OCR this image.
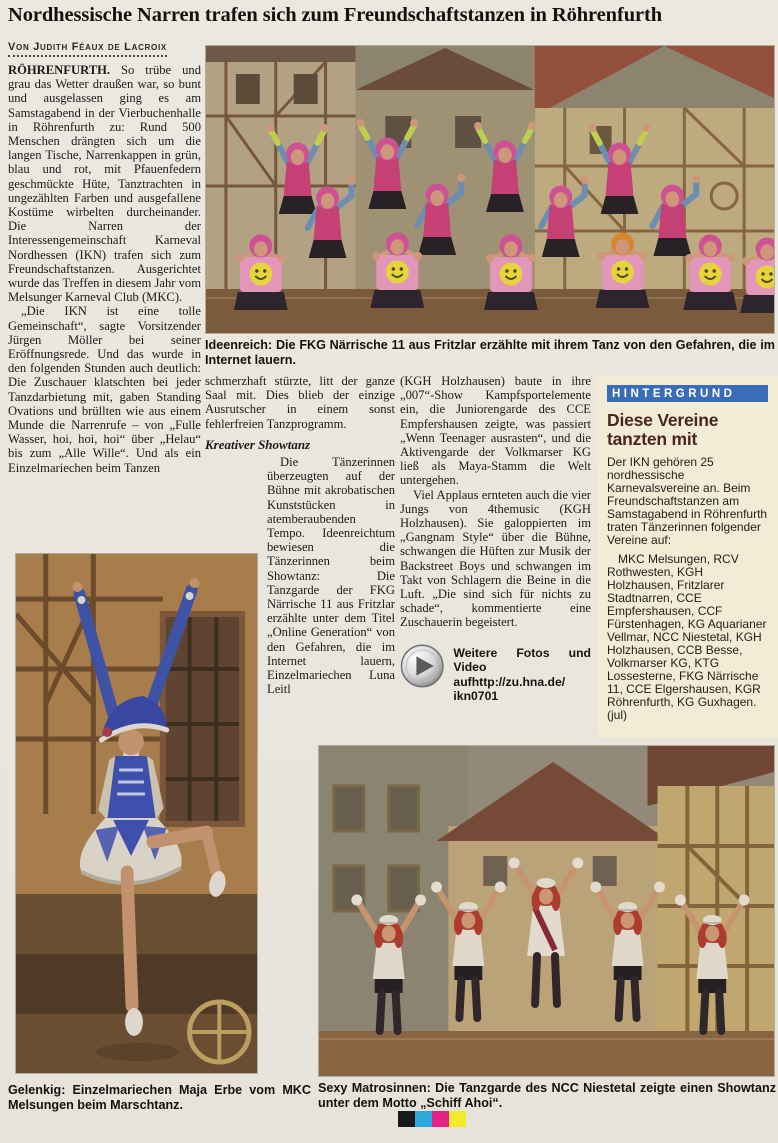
Nordhessische Narren trafen sich zum Freundschaftstanzen in Röhrenfurth
Von Judith Féaux de Lacroix

Ideenreich: Die FKG Närrische 11 aus Fritzlar erzählte mit ihrem Tanz von den Gefahren, die im Internet lauern.

RÖHRENFURTH. So trübe und grau das Wetter draußen war, so bunt und ausgelassen ging es am Samstagabend in der Vierbuchenhalle in Röhrenfurth zu: Rund 500 Menschen drängten sich um die langen Tische, Narrenkappen in grün, blau und rot, mit Pfauenfedern geschmückte Hüte, Tanztrachten in ungezählten Farben und ausgefallene Kostüme wirbelten durcheinander. Die Narren der Interessengemeinschaft Karneval Nordhessen (IKN) trafen sich zum Freundschaftstanzen. Ausgerichtet wurde das Treffen in diesem Jahr vom Melsunger Karneval Club (MKC).

„Die IKN ist eine tolle Gemeinschaft“, sagte Vorsitzender Jürgen Möller bei seiner Eröffnungsrede. Und das wurde in den folgenden Stunden auch deutlich: Die Zuschauer klatschten bei jeder Tanzdarbietung mit, gaben Standing Ovations und brüllten wie aus einem Munde die Narrenrufe – von „Fulle Wasser, hoi, hoi, hoi“ über „Helau“ bis zum „Alle Wille“. Und als ein Einzelmariechen beim Tanzen

schmerzhaft stürzte, litt der ganze Saal mit. Dies blieb der einzige Ausrutscher in einem sonst fehlerfreien Tanzprogramm.

Kreativer Showtanz

Die Tänzerinnen überzeugten auf der Bühne mit akrobatischen Kunststücken in atemberaubenden Tempo. Ideenreichtum bewiesen die Tänzerinnen beim Showtanz: Die Tanzgarde der FKG Närrische 11 aus Fritzlar erzählte unter dem Titel „Online Generation“ von den Gefahren, die im Internet lauern, Einzelmariechen Luna Leitl

(KGH Holzhausen) baute in ihre „007“-Show Kampfsportelemente ein, die Juniorengarde des CCE Empfershausen zeigte, was passiert „Wenn Teenager ausrasten“, und die Aktivengarde der Volkmarser KG ließ als Maya-Stamm die Welt untergehen.

Viel Applaus ernteten auch die vier Jungs von 4themusic (KGH Holzhausen). Sie galoppierten im „Gangnam Style“ über die Bühne, schwangen die Hüften zur Musik der Backstreet Boys und schwangen im Takt von Schlagern die Beine in die Luft. „Die sind sich für nichts zu schade“, kommentierte eine Zuschauerin begeistert.

Weitere Fotos und Video
aufhttp://zu.hna.de/
ikn0701
HINTERGRUND
Diese Vereine tanzten mit

Der IKN gehören 25 nordhessische Karnevalsvereine an. Beim Freundschaftstanzen am Samstagabend in Röhrenfurth traten Tänzerinnen folgender Vereine auf:

MKC Melsungen, RCV Rothwesten, KGH Holzhausen, Fritzlarer Stadtnarren, CCE Empfershausen, CCF Fürstenhagen, KG Aquarianer Vellmar, NCC Niestetal, KGH Holzhausen, CCB Besse, Volkmarser KG, KTG Lossesterne, FKG Närrische 11, CCE Elgershausen, KGR Röhrenfurth, KG Guxhagen. (jul)

Gelenkig: Einzelmariechen Maja Erbe vom MKC Melsungen beim Marschtanz.

Sexy Matrosinnen: Die Tanzgarde des NCC Niestetal zeigte einen Showtanz unter dem Motto „Schiff Ahoi“.
